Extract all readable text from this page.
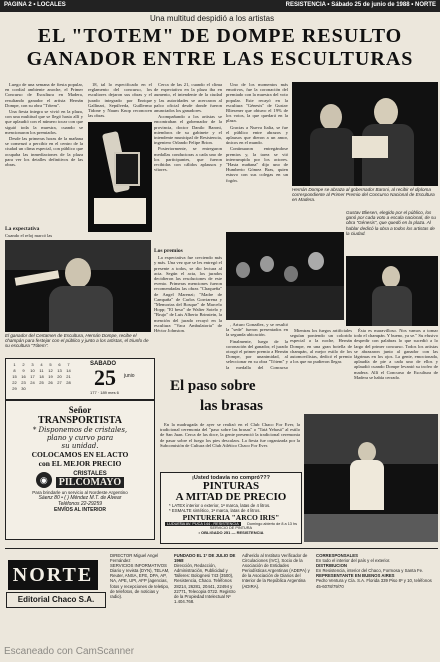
PAGINA 2 • LOCALES	RESISTENCIA • Sábado 25 de junio de 1988 • NORTE
Una multitud despidió a los artistas
EL "TOTEM" DE DOMPE RESULTO
GANADOR ENTRE LAS ESCULTURAS

Luego de una semana de fiesta popular, en cordial ambiente anoche, el Primer Concurso de Escultura en Madera, resultando ganador el artista Hernán Dompe, con su obra "Tótem".

Una fiesta íntegra se vivió en la plaza, con una multitud que se llegó hasta allí y que aplaudió con el número tocar con que siguió toda la muestra, cuando se mencionaron los premiados.

Desde las primeras horas de la mañana se comenzó a percibir en el centro de la ciudad un clima especial, con público que ocupaba las inmediaciones de la plaza para ver los detalles definitivos de las obras.

La expectativa
Cuando el reloj marcó las

18, tal lo especificado en el reglamento del concurso, los escultores dejaron sus obras y el jurado integrado por Enrique Gallinari, Sepúlveda, Guillermo Tidone y Naum Knop reconocen las obras.

Cerca de las 21, cuando el clima de expectativa en la plaza iba en aumento, el intendente de la ciudad y las autoridades se acercaron al palco oficial desde donde fueron anunciados los ganadores.

Acompañando a los artistas se encontraban el gobernador de la provincia, doctor Danilo Baroni, miembros de su gabinete y el intendente municipal de Resistencia, ingeniero Orlando Felipe Brion.

Posteriormente, se entregaron medallas conductoras a cada uno de los participantes, que fueron recibidas con cálidos aplausos y vítores.

Los premios

La expectativa fue creciendo más y más. Una vez que se les entregó el presente a todos, se dio lectura al acta. Según el acta, los jurados decidieron las resoluciones de este evento. Primeras menciones fueron recomendadas las obras "Chaqueña" de Angel Marenzi; "Madre de Campaña" de Carlos Gorriarena y "Memorias del Bosque" de Marcelo Hopp; "El beso" de Walter Sotelo y "Brujo" de Luis Alberto Brinstein, la mención del jurado recayó en la escultura "Vaca Ambulatoria" de Héctor Johnston.

Uno de los momentos más emotivos, fue la coronación del premiado con la muestra del voto popular. Este recayó en la escultura "Génesis" de Gustav Bliesener que obtuvo el 19% de los votos, la que quedará en la plaza.

Gracias a Nueva Italia, se fue el público entre abrazos y aplausos que dieron a un amor, únicos en el mundo.

Continuaron entregándose premios y, la tarea se vió interrumpida por los actores. "Hasta mañana" dijo uno de Humberto Gómez Bras, quien estuvo con sus colegas en un fogón.

Hernán Dompe se abraza al gobernador Baroni, al recibir el diploma correspondiente al Primer Premio del Concurso Nacional de Escultura en Madera.
Gustav Bliesen, elegido por el público, los ganó por cada voto a escala nacional, de su obra "Génesis", que quedó en la plaza. Al hablar dedicó la obra a todos los artistas de la ciudad.
El ganador del Certamen de Escultura, Hernán Dompe, recibe el champán para festejar con el público y junto a los artistas, el triunfo de su escultura "Tótem".

, Arturo González, y se resultó la "sede" fueron presentados en la segunda ubicación.

Finalmente, luego de la coronación del ganador, el jurado otorgó el primer premio a Hernán Dompe, por unanimidad, al seleccionar en su obra "Tótem" y la medalla del Concurso

Mientras los fuegos artificiales seguían poniendo un colorido especial a la noche, Hernán Dompe, en una gran botella de champán, al mejor estilo de los automovilistas, dedicó el premio a los que no pudieron llegar.

Ésta es maravilloso. Nos vamos a tomar todo el champán. Y bueno, ya se." Su efusivo despedir con palabras lo que sucedió a lo largo del primer concurso. Todos los artistas se abrazaron junto al ganador con las lágrimas en los ojos. La gente, emocionada, aplaudía de pie a cada uno de ellos y aplaudió cuando Dompe levantó su trofeo de madera. Allí el Concurso de Escultura de Madera se había cerrado.

1	2	3	4	5	6	7
8	9	10	11	12	13	14
15	16	17	18	19	20	21
22	23	24	25	26	27	28
29	30
SABADO
25 junio
177 · 189 mes 6
Señor
TRANSPORTISTA
* Disponemos de cristales,
plano y curvo para
su unidad.
COLOCAMOS EN EL ACTO
con EL MEJOR PRECIO
◉
CRISTALES
PILCOMAYO
Para brindarle un servicio al Nordeste Argentino
Sáenz 80 • ( ) Méndez M.T. de Alvear
Teléfonos 22-29259
ENVÍOS AL INTERIOR
El paso sobre
las brasas

En la madrugada de ayer se realizó en el Club Chaco For Ever, la tradicional ceremonia del "paso sobre las brasas" o "Tatá Yehasá" al estilo de San Juan. Cerca de las doce, la gente presenció la tradicional ceremonia de pasar sobre el fuego los pies descalzos. La fiesta fue organizada por la Subcomisión de Cultura del Club Atlético Chaco For Ever.

¡Usted todavía no compró???
PINTURAS
A MITAD DE PRECIO
* LATEX interior o exterior, 1ª marca, latas de 4 litros.
* ESMALTE sintético, 1ª marca, latas de 4 litros.
PINTURERIA "ARCO IRIS"
LUDUEÑA AV. PUCA 144 - RESISTENCIA	Domingo abierto de 8 a 13 hs
SERVICIO DE PINTURA
• OBLIGADO 251 — RESISTENCIA
NORTE
Editorial Chaco S.A.
DIRECTOR Miguel Angel Fernández
SERVICIOS INFORMATIVOS Diario y revista (DYN), TELAM, Reuter, ANSA, EFE, DPA, AP, NA, APE, UPI, AFP (agencias, fotos y recepciones de teletipo, de telefotos, de noticias y radio).
FUNDADO EL 1º DE JULIO DE 1968
Dirección, Redacción, Administración, Publicidad y Talleres: Bolognesi 743 (3500), Resistencia, Chaco. Teléfonos 28214, 26281, 20441, 22494 y 22771, Telecopia 0722. Registro de la Propiedad Intelectual Nº 1.404.768.
Adherido al Instituto Verificador de Circulaciones (IVC), Socio de la Asociación de Entidades Periodísticas Argentinas (ADEPA) y de la Asociación de Diarios del Interior de la República Argentina (ADIRA).
CORRESPONSALES
En todo el interior del país y el exterior.
DISTRIBUCION
En Resistencia, interior del Chaco, Formosa y Santa Fe.
REPRESENTANTE EN BUENOS AIRES
Pedro Ventura y Cía. S.A. Florida 339 Piso 8º y 10, teléfonos 45-6078/79/70
Escaneado con CamScanner
